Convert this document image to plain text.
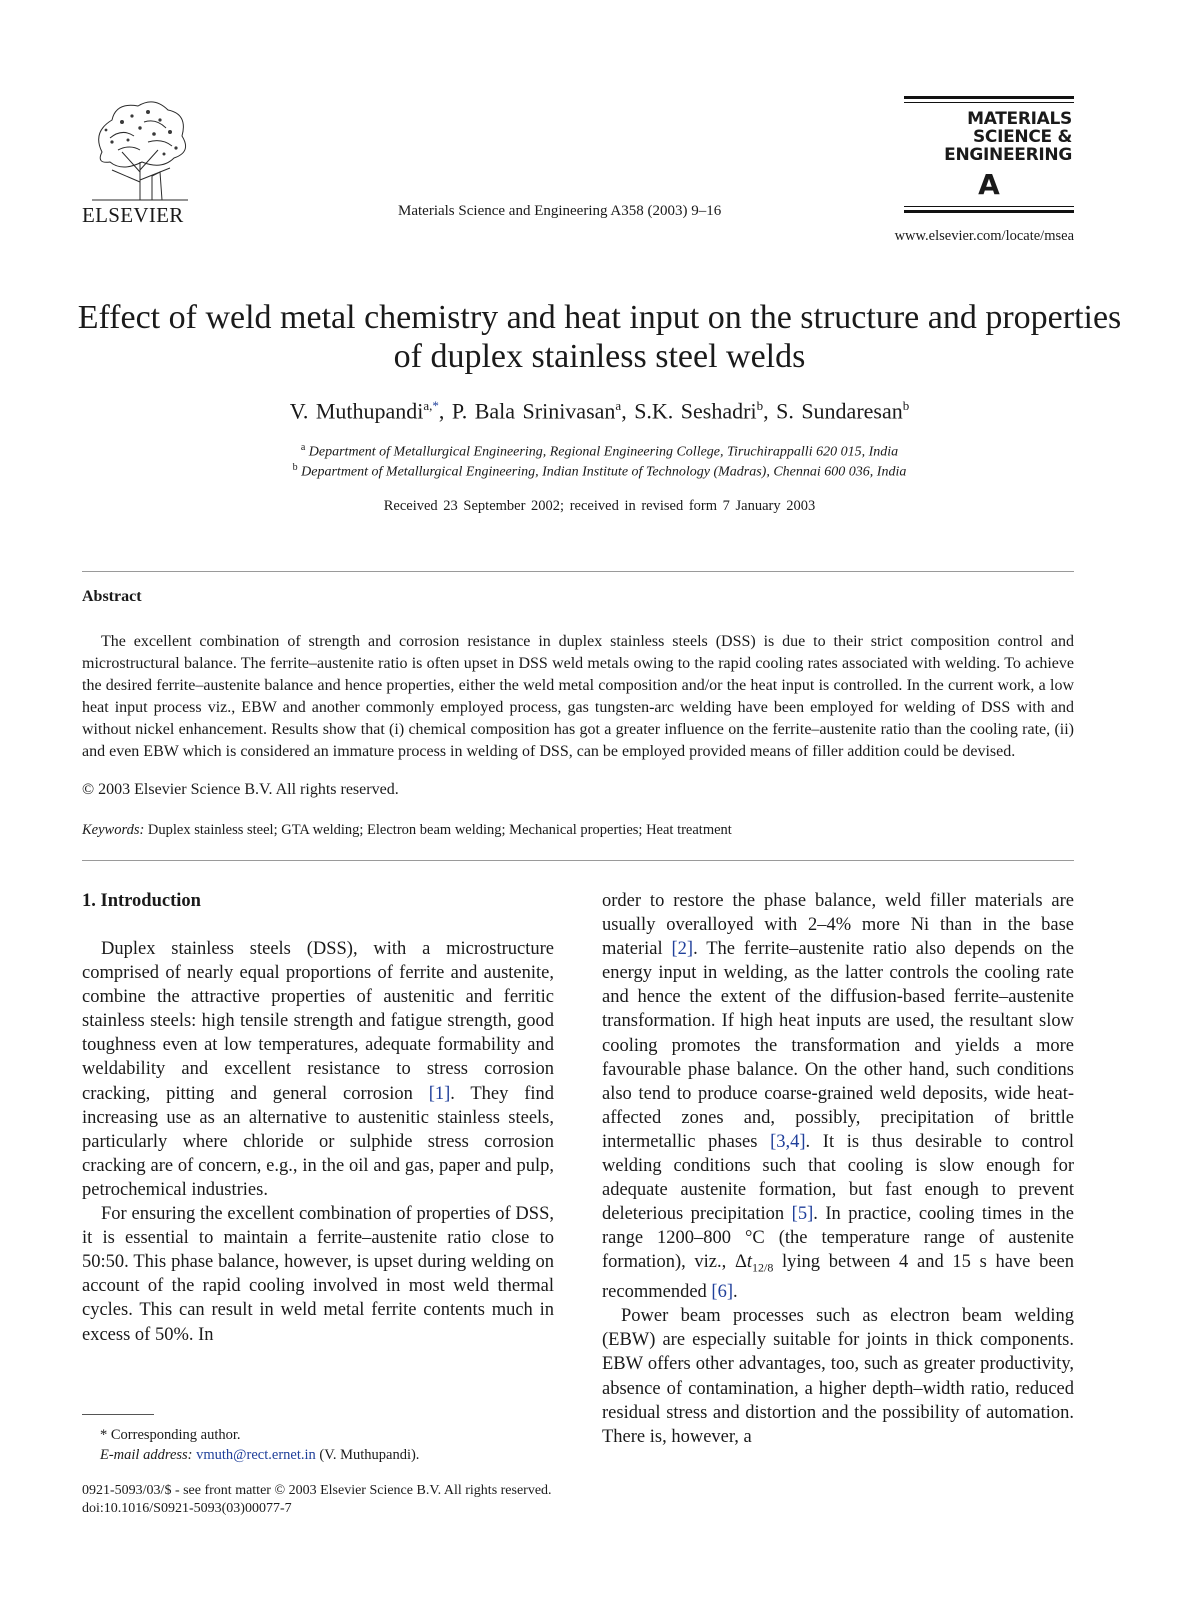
ELSEVIER	Materials Science and Engineering A358 (2003) 9–16
MATERIALS
SCIENCE &
ENGINEERING
A
www.elsevier.com/locate/msea
Effect of weld metal chemistry and heat input on the structure and properties of duplex stainless steel welds
V. Muthupandi$^{a,*}$, P. Bala Srinivasan$^a$, S.K. Seshadri$^b$, S. Sundaresan$^b$
$^a$ Department of Metallurgical Engineering, Regional Engineering College, Tiruchirappalli 620 015, India
$^b$ Department of Metallurgical Engineering, Indian Institute of Technology (Madras), Chennai 600 036, India
Received 23 September 2002; received in revised form 7 January 2003
Abstract
The excellent combination of strength and corrosion resistance in duplex stainless steels (DSS) is due to their strict composition control and microstructural balance. The ferrite–austenite ratio is often upset in DSS weld metals owing to the rapid cooling rates associated with welding. To achieve the desired ferrite–austenite balance and hence properties, either the weld metal composition and/or the heat input is controlled. In the current work, a low heat input process viz., EBW and another commonly employed process, gas tungsten-arc welding have been employed for welding of DSS with and without nickel enhancement. Results show that (i) chemical composition has got a greater influence on the ferrite–austenite ratio than the cooling rate, (ii) and even EBW which is considered an immature process in welding of DSS, can be employed provided means of filler addition could be devised.
© 2003 Elsevier Science B.V. All rights reserved.
Keywords: Duplex stainless steel; GTA welding; Electron beam welding; Mechanical properties; Heat treatment
1. Introduction

Duplex stainless steels (DSS), with a microstructure comprised of nearly equal proportions of ferrite and austenite, combine the attractive properties of austenitic and ferritic stainless steels: high tensile strength and fatigue strength, good toughness even at low temperatures, adequate formability and weldability and excellent resistance to stress corrosion cracking, pitting and general corrosion [1]. They find increasing use as an alternative to austenitic stainless steels, particularly where chloride or sulphide stress corrosion cracking are of concern, e.g., in the oil and gas, paper and pulp, petrochemical industries.

For ensuring the excellent combination of properties of DSS, it is essential to maintain a ferrite–austenite ratio close to 50:50. This phase balance, however, is upset during welding on account of the rapid cooling involved in most weld thermal cycles. This can result in weld metal ferrite contents much in excess of 50%. In

order to restore the phase balance, weld filler materials are usually overalloyed with 2–4% more Ni than in the base material [2]. The ferrite–austenite ratio also depends on the energy input in welding, as the latter controls the cooling rate and hence the extent of the diffusion-based ferrite–austenite transformation. If high heat inputs are used, the resultant slow cooling promotes the transformation and yields a more favourable phase balance. On the other hand, such conditions also tend to produce coarse-grained weld deposits, wide heat-affected zones and, possibly, precipitation of brittle intermetallic phases [3,4]. It is thus desirable to control welding conditions such that cooling is slow enough for adequate austenite formation, but fast enough to prevent deleterious precipitation [5]. In practice, cooling times in the range 1200–800 °C (the temperature range of austenite formation), viz., $\Delta t_{12/8}$ lying between 4 and 15 s have been recommended [6].

Power beam processes such as electron beam welding (EBW) are especially suitable for joints in thick components. EBW offers other advantages, too, such as greater productivity, absence of contamination, a higher depth–width ratio, reduced residual stress and distortion and the possibility of automation. There is, however, a

* Corresponding author.
E-mail address: vmuth@rect.ernet.in (V. Muthupandi).
0921-5093/03/$ - see front matter © 2003 Elsevier Science B.V. All rights reserved.
doi:10.1016/S0921-5093(03)00077-7
